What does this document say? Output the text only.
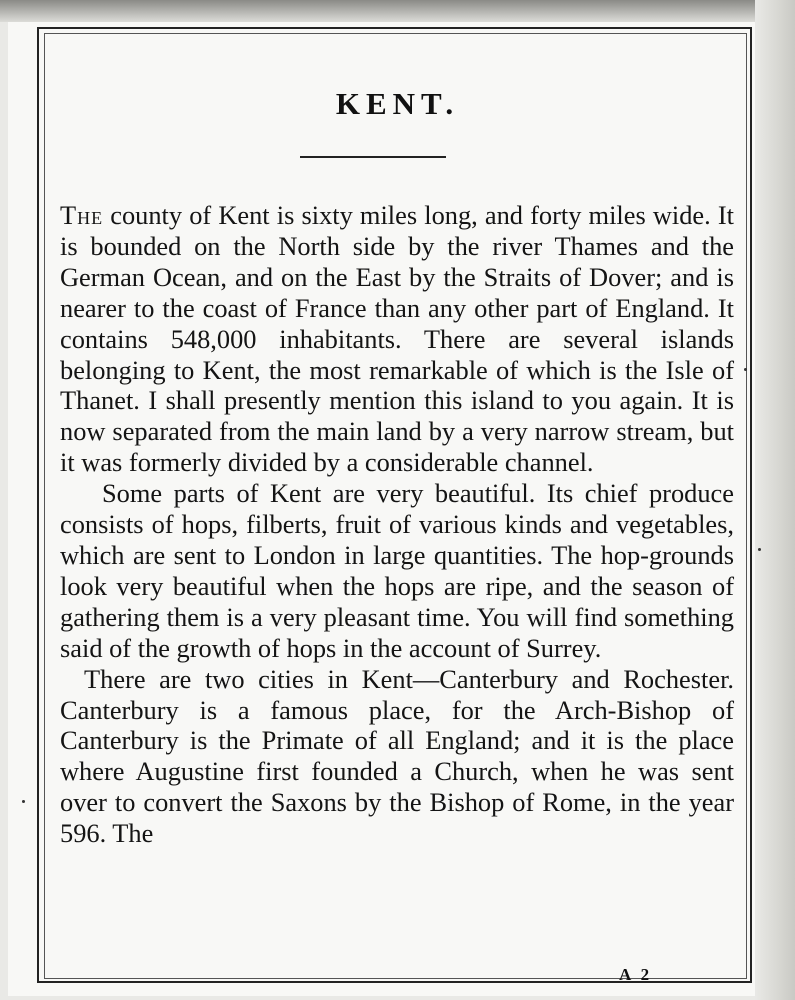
KENT.

The county of Kent is sixty miles long, and forty miles wide. It is bounded on the North side by the river Thames and the German Ocean, and on the East by the Straits of Dover; and is nearer to the coast of France than any other part of England. It contains 548,000 inhabitants. There are several islands belonging to Kent, the most remarkable of which is the Isle of Thanet. I shall presently mention this island to you again. It is now separated from the main land by a very narrow stream, but it was formerly divided by a considerable channel.

Some parts of Kent are very beautiful. Its chief produce consists of hops, filberts, fruit of various kinds and vegetables, which are sent to London in large quantities. The hop-grounds look very beautiful when the hops are ripe, and the season of gathering them is a very pleasant time. You will find something said of the growth of hops in the account of Surrey.

There are two cities in Kent—Canterbury and Rochester. Canterbury is a famous place, for the Arch-Bishop of Canterbury is the Primate of all England; and it is the place where Augustine first founded a Church, when he was sent over to convert the Saxons by the Bishop of Rome, in the year 596. The

A 2
